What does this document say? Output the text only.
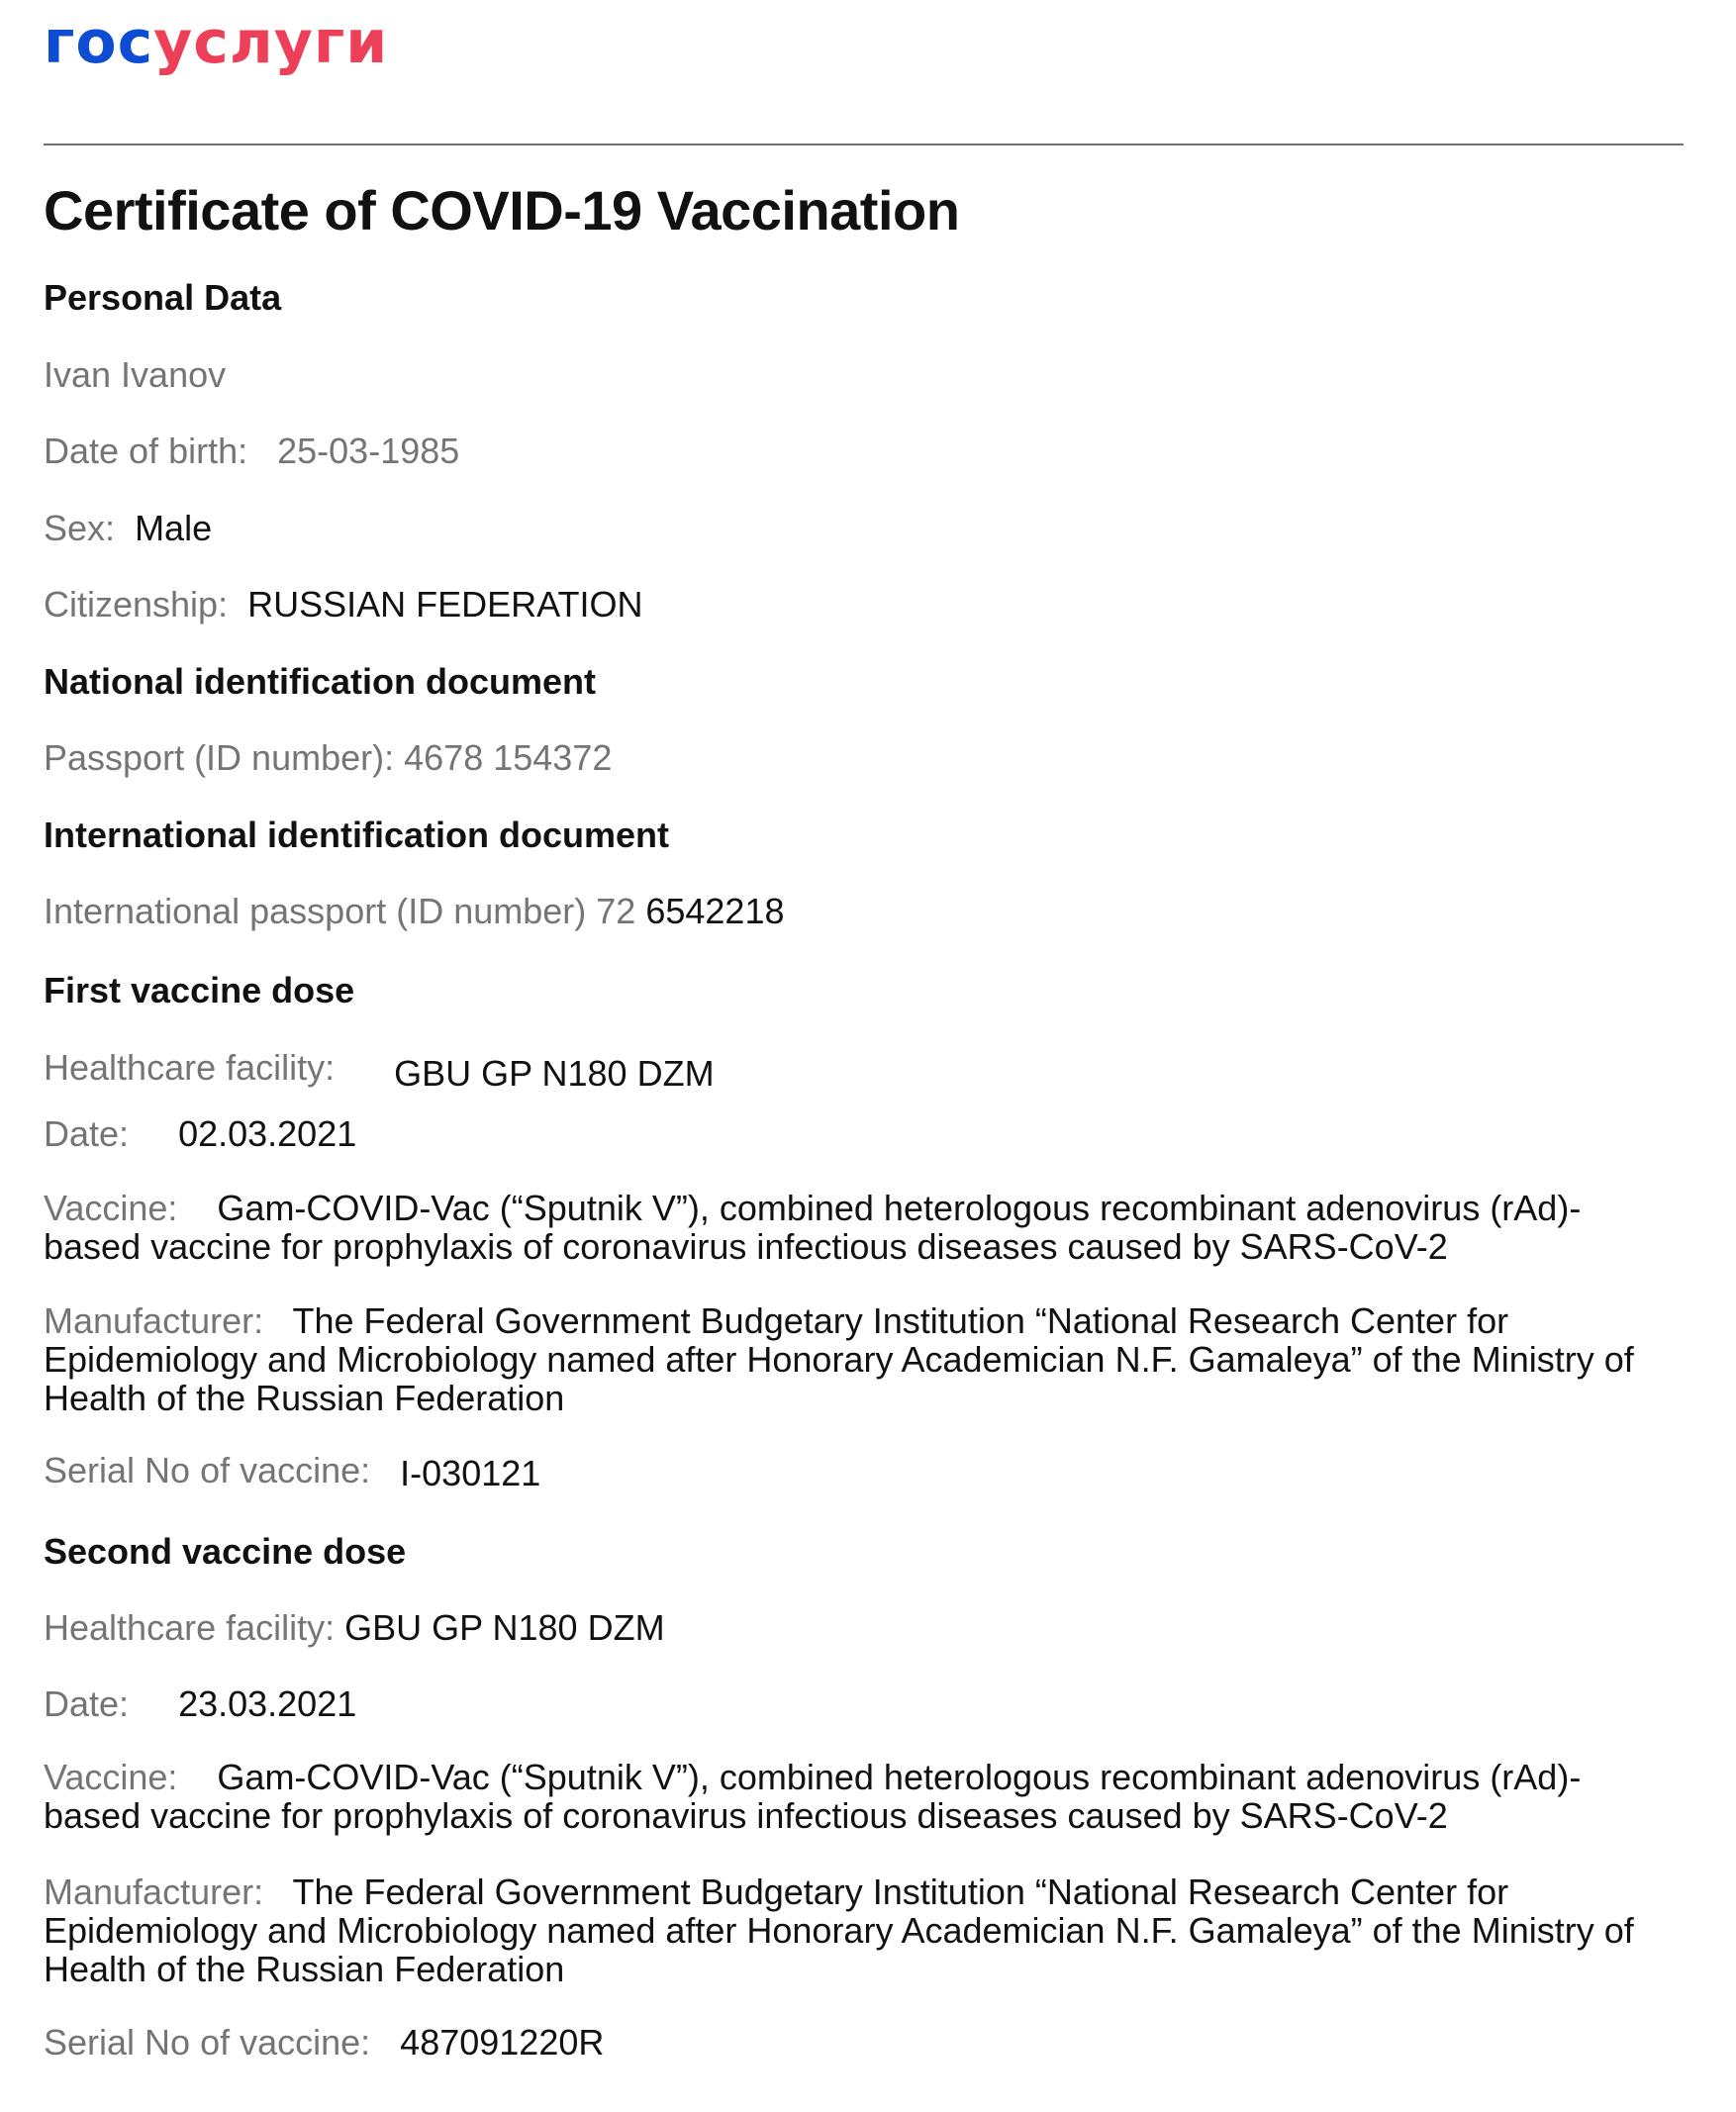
госуслуги
Certificate of COVID-19 Vaccination
Personal Data
Ivan Ivanov
Date of birth: 25-03-1985
Sex: Male
Citizenship: RUSSIAN FEDERATION
National identification document
Passport (ID number): 4678 154372
International identification document
International passport (ID number) 72 6542218
First vaccine dose
Healthcare facility: GBU GP N180 DZM
Date: 02.03.2021
Vaccine: Gam-COVID-Vac (“Sputnik V”), combined heterologous recombinant adenovirus (rAd)-based vaccine for prophylaxis of coronavirus infectious diseases caused by SARS-CoV-2
Manufacturer: The Federal Government Budgetary Institution “National Research Center for Epidemiology and Microbiology named after Honorary Academician N.F. Gamaleya” of the Ministry of Health of the Russian Federation
Serial No of vaccine: I-030121
Second vaccine dose
Healthcare facility: GBU GP N180 DZM
Date: 23.03.2021
Vaccine: Gam-COVID-Vac (“Sputnik V”), combined heterologous recombinant adenovirus (rAd)-based vaccine for prophylaxis of coronavirus infectious diseases caused by SARS-CoV-2
Manufacturer: The Federal Government Budgetary Institution “National Research Center for Epidemiology and Microbiology named after Honorary Academician N.F. Gamaleya” of the Ministry of Health of the Russian Federation
Serial No of vaccine: 487091220R
